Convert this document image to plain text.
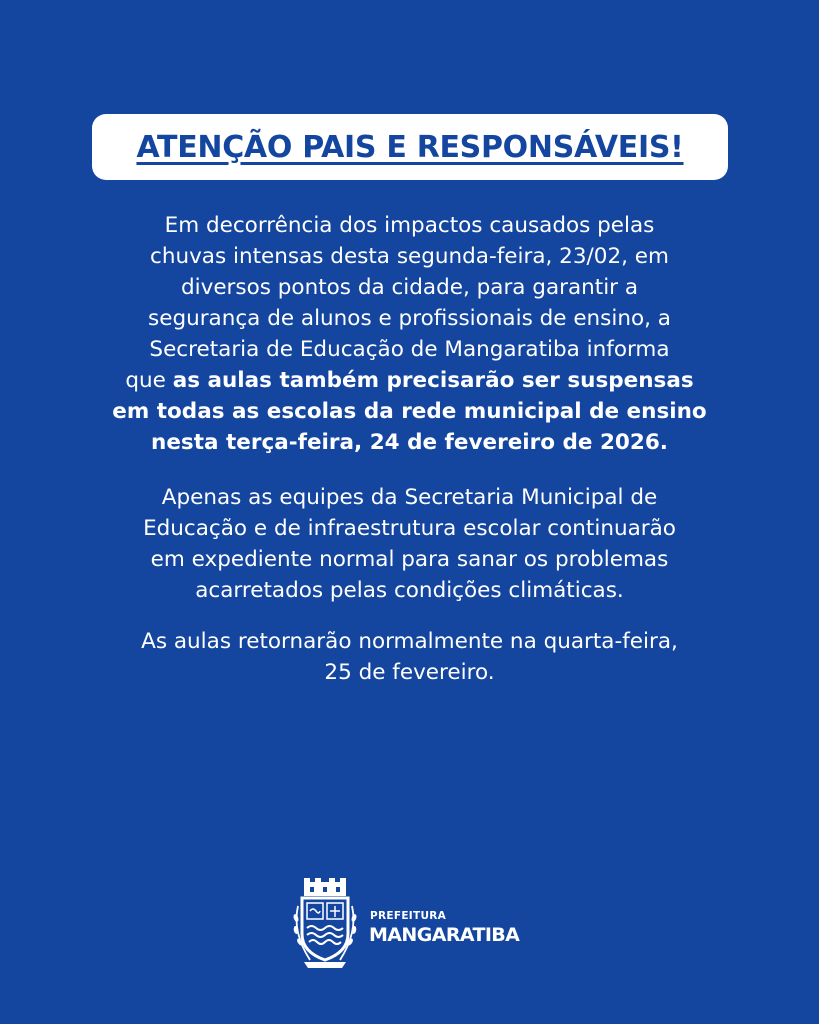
ATENÇÃO PAIS E RESPONSÁVEIS!

Em decorrência dos impactos causados pelas
chuvas intensas desta segunda-feira, 23/02, em
diversos pontos da cidade, para garantir a
segurança de alunos e profissionais de ensino, a
Secretaria de Educação de Mangaratiba informa
que as aulas também precisarão ser suspensas
em todas as escolas da rede municipal de ensino
nesta terça-feira, 24 de fevereiro de 2026.

Apenas as equipes da Secretaria Municipal de
Educação e de infraestrutura escolar continuarão
em expediente normal para sanar os problemas
acarretados pelas condições climáticas.

As aulas retornarão normalmente na quarta-feira,
25 de fevereiro.

PREFEITURA
MANGARATIBA
